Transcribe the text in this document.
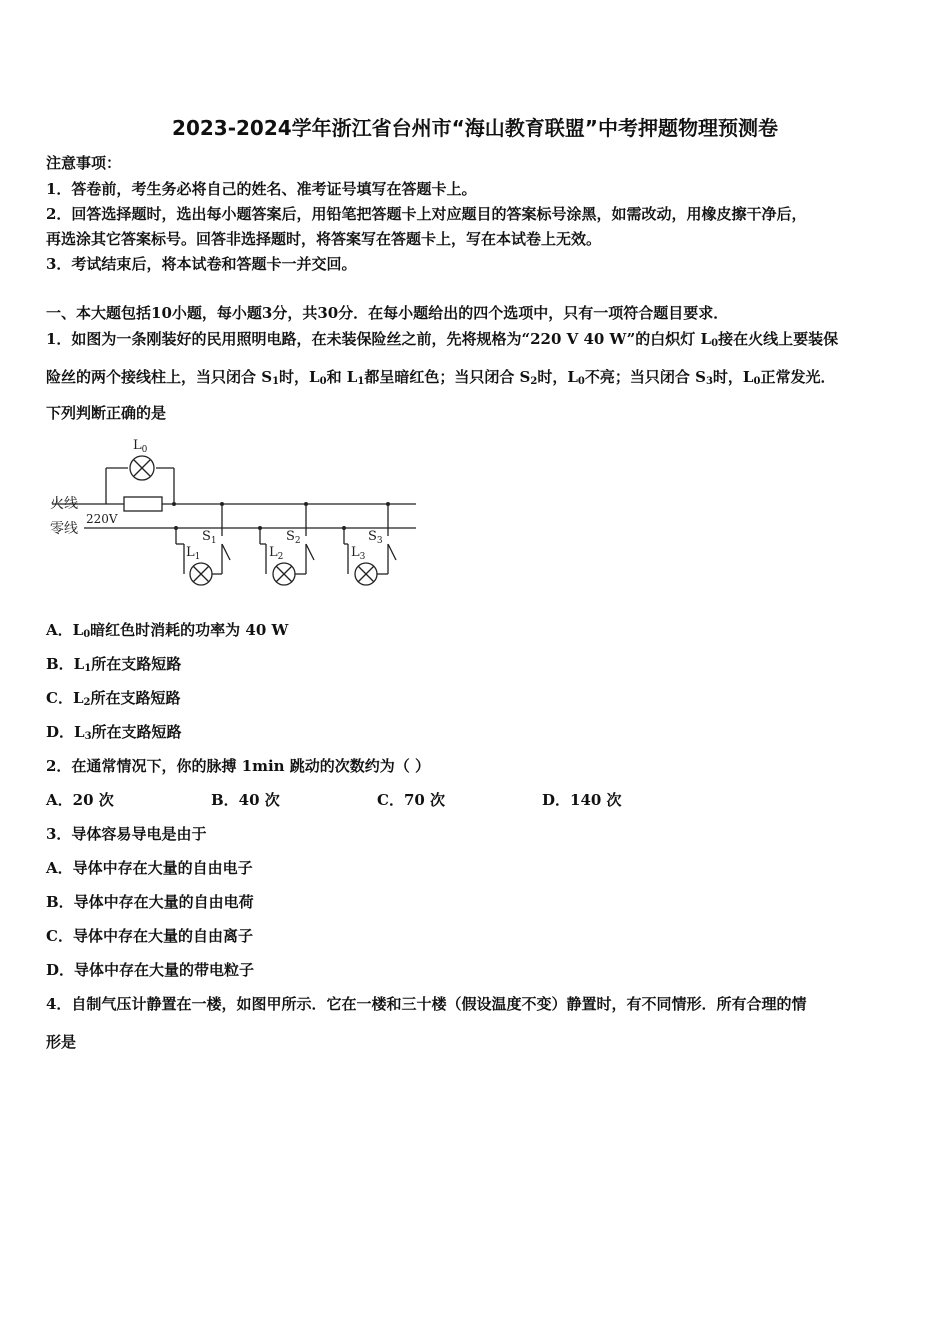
2023-2024学年浙江省台州市“海山教育联盟”中考押题物理预测卷
注意事项：
1．答卷前，考生务必将自己的姓名、准考证号填写在答题卡上。
2．回答选择题时，选出每小题答案后，用铅笔把答题卡上对应题目的答案标号涂黑，如需改动，用橡皮擦干净后，
再选涂其它答案标号。回答非选择题时，将答案写在答题卡上，写在本试卷上无效。
3．考试结束后，将本试卷和答题卡一并交回。
一、本大题包括10小题，每小题3分，共30分．在每小题给出的四个选项中，只有一项符合题目要求．
1．如图为一条刚装好的民用照明电路，在未装保险丝之前，先将规格为“220 V 40 W”的白炽灯 $L_0$接在火线上要装保
险丝的两个接线柱上，当只闭合 $S_1$时，$L_0$和 $L_1$都呈暗红色；当只闭合 $S_2$时，$L_0$不亮；当只闭合 $S_3$时，$L_0$正常发光．
下列判断正确的是
$L_0$
火线
零线
220V
$L_1$
$S_1$
$L_2$
$S_2$
$L_3$
$S_3$
A．$L_0$暗红色时消耗的功率为 40 W
B．$L_1$所在支路短路
C．$L_2$所在支路短路
D．$L_3$所在支路短路
2．在通常情况下，你的脉搏 1min 跳动的次数约为（ ）
A．20 次	B．40 次	C．70 次	D．140 次
3．导体容易导电是由于
A．导体中存在大量的自由电子
B．导体中存在大量的自由电荷
C．导体中存在大量的自由离子
D．导体中存在大量的带电粒子
4．自制气压计静置在一楼，如图甲所示．它在一楼和三十楼（假设温度不变）静置时，有不同情形．所有合理的情
形是
